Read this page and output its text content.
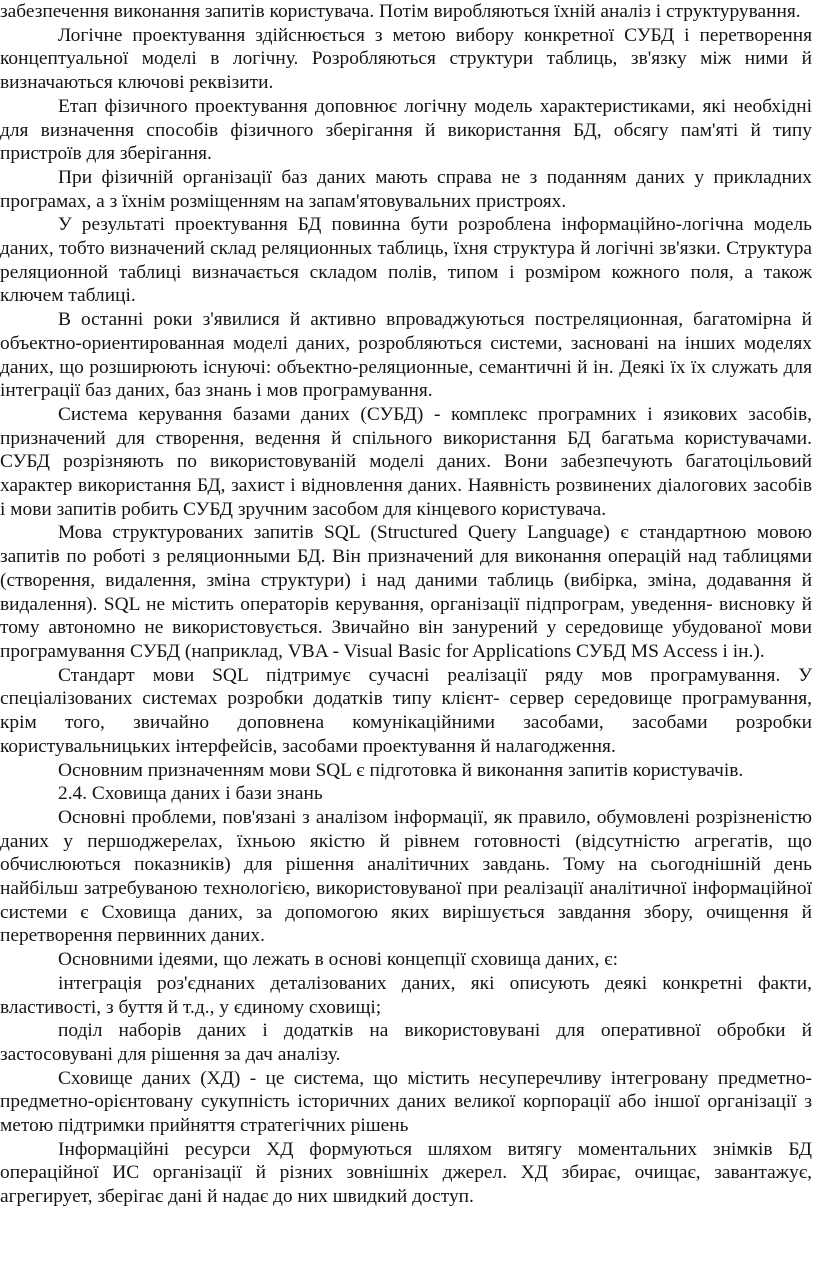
забезпечення виконання запитів користувача. Потім виробляються їхній аналіз і структурування.

Логічне проектування здійснюється з метою вибору конкретної СУБД і перетворення концептуальної моделі в логічну. Розробляються структури таблиць, зв'язку між ними й визначаються ключові реквізити.

Етап фізичного проектування доповнює логічну модель характеристиками, які необхідні для визначення способів фізичного зберігання й використання БД, обсягу пам'яті й типу пристроїв для зберігання.

При фізичній організації баз даних мають справа не з поданням даних у прикладних програмах, а з їхнім розміщенням на запам'ятовувальних пристроях.

У результаті проектування БД повинна бути розроблена інформаційно-логічна модель даних, тобто визначений склад реляционных таблиць, їхня структура й логічні зв'язки. Структура реляционной таблиці визначається складом полів, типом і розміром кожного поля, а також ключем таблиці.

В останні роки з'явилися й активно впроваджуються постреляционная, багатомірна й объектно-ориентированная моделі даних, розробляються системи, засновані на інших моделях даних, що розширюють існуючі: объектно-реляционные, семантичні й ін. Деякі їх їх служать для інтеграції баз даних, баз знань і мов програмування.

Система керування базами даних (СУБД) - комплекс програмних і язикових засобів, призначений для створення, ведення й спільного використання БД багатьма користувачами. СУБД розрізняють по використовуваній моделі даних. Вони забезпечують багатоцільовий характер використання БД, захист і відновлення даних. Наявність розвинених діалогових засобів і мови запитів робить СУБД зручним засобом для кінцевого користувача.

Мова структурованих запитів SQL (Structured Query Language) є стандартною мовою запитів по роботі з реляционными БД. Він призначений для виконання операцій над таблицями (створення, видалення, зміна структури) і над даними таблиць (вибірка, зміна, додавання й видалення). SQL не містить операторів керування, організації підпрограм, уведення- висновку й тому автономно не використовується. Звичайно він занурений у середовище убудованої мови програмування СУБД (наприклад, VBA - Visual Basic for Applications СУБД MS Access і ін.).

Стандарт мови SQL підтримує сучасні реалізації ряду мов програмування. У спеціалізованих системах розробки додатків типу клієнт- сервер середовище програмування, крім того, звичайно доповнена комунікаційними засобами, засобами розробки користувальницьких інтерфейсів, засобами проектування й налагодження.

Основним призначенням мови SQL є підготовка й виконання запитів користувачів.

2.4. Сховища даних і бази знань

Основні проблеми, пов'язані з аналізом інформації, як правило, обумовлені розрізненістю даних у першоджерелах, їхньою якістю й рівнем готовності (відсутністю агрегатів, що обчислюються показників) для рішення аналітичних завдань. Тому на сьогоднішній день найбільш затребуваною технологією, використовуваної при реалізації аналітичної інформаційної системи є Сховища даних, за допомогою яких вирішується завдання збору, очищення й перетворення первинних даних.

Основними ідеями, що лежать в основі концепції сховища даних, є:

інтеграція роз'єднаних деталізованих даних, які описують деякі конкретні факти, властивості, з буття й т.д., у єдиному сховищі;

поділ наборів даних і додатків на використовувані для оперативної обробки й застосовувані для рішення за дач аналізу.

Сховище даних (ХД) - це система, що містить несуперечливу інтегровану предметно-предметно-орієнтовану сукупність історичних даних великої корпорації або іншої організації з метою підтримки прийняття стратегічних рішень

Інформаційні ресурси ХД формуються шляхом витягу моментальних знімків БД операційної ИС організації й різних зовнішніх джерел. ХД збирає, очищає, завантажує, агрегирует, зберігає дані й надає до них швидкий доступ.
